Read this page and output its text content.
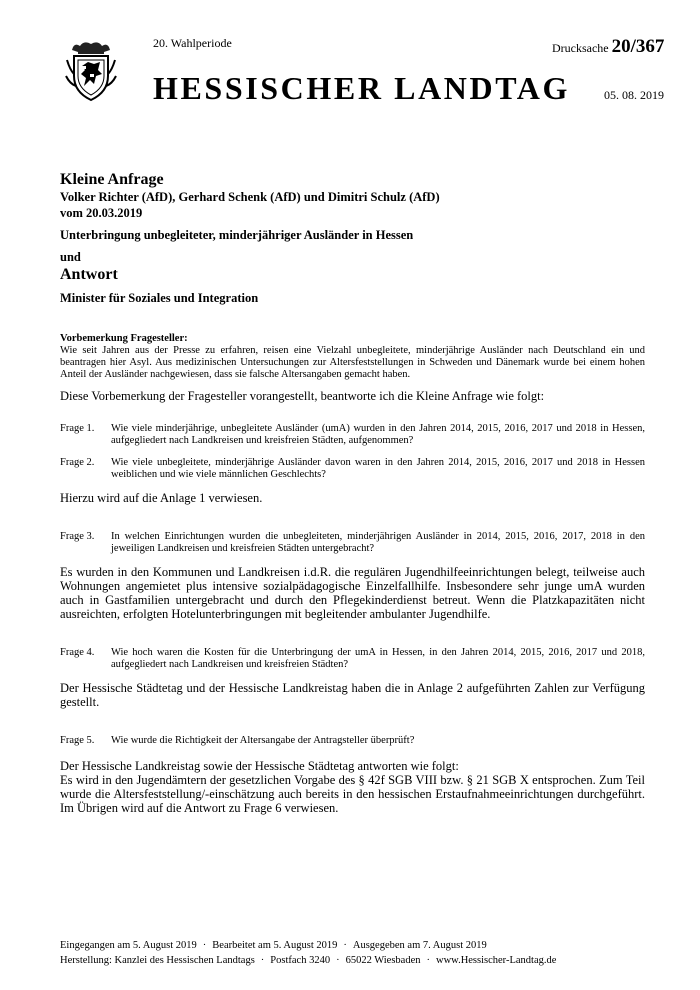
20. Wahlperiode	Drucksache 20/367
HESSISCHER LANDTAG	05. 08. 2019

Kleine Anfrage

Volker Richter (AfD), Gerhard Schenk (AfD) und Dimitri Schulz (AfD)

vom 20.03.2019

Unterbringung unbegleiteter, minderjähriger Ausländer in Hessen

und

Antwort

Minister für Soziales und Integration

Vorbemerkung Fragesteller:

Wie seit Jahren aus der Presse zu erfahren, reisen eine Vielzahl unbegleitete, minderjährige Ausländer nach Deutschland ein und beantragen hier Asyl. Aus medizinischen Untersuchungen zur Altersfeststellungen in Schweden und Dänemark wurde bei einem hohen Anteil der Ausländer nachgewiesen, dass sie falsche Altersangaben gemacht haben.

Diese Vorbemerkung der Fragesteller vorangestellt, beantworte ich die Kleine Anfrage wie folgt:

Frage 1.	Wie viele minderjährige, unbegleitete Ausländer (umA) wurden in den Jahren 2014, 2015, 2016, 2017 und 2018 in Hessen, aufgegliedert nach Landkreisen und kreisfreien Städten, aufgenommen?
Frage 2.	Wie viele unbegleitete, minderjährige Ausländer davon waren in den Jahren 2014, 2015, 2016, 2017 und 2018 in Hessen weiblichen und wie viele männlichen Geschlechts?

Hierzu wird auf die Anlage 1 verwiesen.

Frage 3.	In welchen Einrichtungen wurden die unbegleiteten, minderjährigen Ausländer in 2014, 2015, 2016, 2017, 2018 in den jeweiligen Landkreisen und kreisfreien Städten untergebracht?

Es wurden in den Kommunen und Landkreisen i.d.R. die regulären Jugendhilfeeinrichtungen belegt, teilweise auch Wohnungen angemietet plus intensive sozialpädagogische Einzelfallhilfe. Insbesondere sehr junge umA wurden auch in Gastfamilien untergebracht und durch den Pflegekinderdienst betreut. Wenn die Platzkapazitäten nicht ausreichten, erfolgten Hotelunterbringungen mit begleitender ambulanter Jugendhilfe.

Frage 4.	Wie hoch waren die Kosten für die Unterbringung der umA in Hessen, in den Jahren 2014, 2015, 2016, 2017 und 2018, aufgegliedert nach Landkreisen und kreisfreien Städten?

Der Hessische Städtetag und der Hessische Landkreistag haben die in Anlage 2 aufgeführten Zahlen zur Verfügung gestellt.

Frage 5.	Wie wurde die Richtigkeit der Altersangabe der Antragsteller überprüft?

Der Hessische Landkreistag sowie der Hessische Städtetag antworten wie folgt:

Es wird in den Jugendämtern der gesetzlichen Vorgabe des § 42f SGB VIII bzw. § 21 SGB X entsprochen. Zum Teil wurde die Altersfeststellung/-einschätzung auch bereits in den hessischen Erstaufnahmeeinrichtungen durchgeführt. Im Übrigen wird auf die Antwort zu Frage 6 verwiesen.

Eingegangen am 5. August 2019 · Bearbeitet am 5. August 2019 · Ausgegeben am 7. August 2019
Herstellung: Kanzlei des Hessischen Landtags · Postfach 3240 · 65022 Wiesbaden · www.Hessischer-Landtag.de
